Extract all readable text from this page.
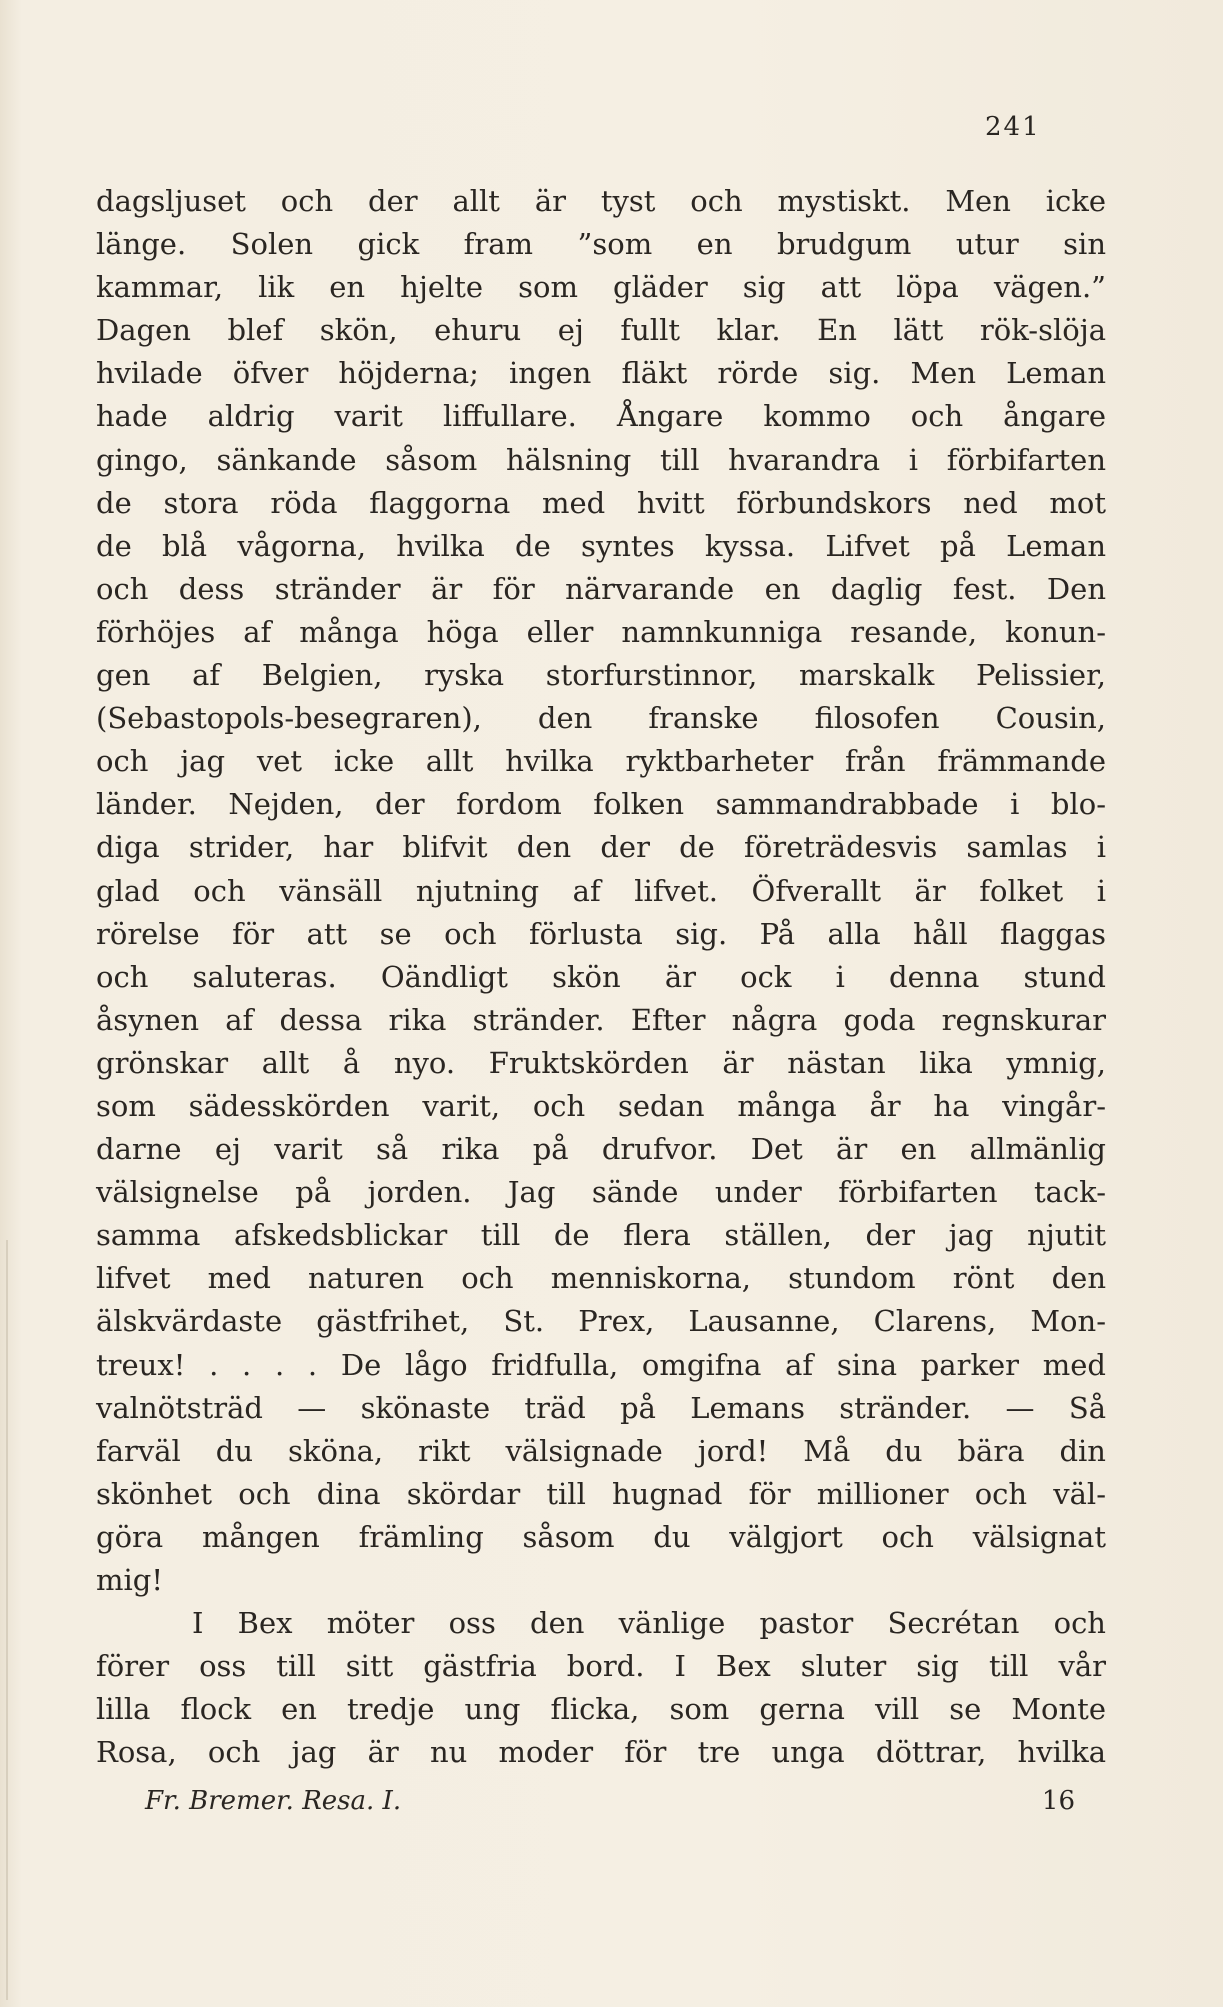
241
dagsljuset och der allt är tyst och mystiskt. Men icke
länge. Solen gick fram ”som en brudgum utur sin
kammar, lik en hjelte som gläder sig att löpa vägen.”
Dagen blef skön, ehuru ej fullt klar. En lätt rök-slöja
hvilade öfver höjderna; ingen fläkt rörde sig. Men Leman
hade aldrig varit liffullare. Ångare kommo och ångare
gingo, sänkande såsom hälsning till hvarandra i förbifarten
de stora röda flaggorna med hvitt förbundskors ned mot
de blå vågorna, hvilka de syntes kyssa. Lifvet på Leman
och dess stränder är för närvarande en daglig fest. Den
förhöjes af många höga eller namnkunniga resande, konun-
gen af Belgien, ryska storfurstinnor, marskalk Pelissier,
(Sebastopols-besegraren), den franske filosofen Cousin,
och jag vet icke allt hvilka ryktbarheter från främmande
länder. Nejden, der fordom folken sammandrabbade i blo-
diga strider, har blifvit den der de företrädesvis samlas i
glad och vänsäll njutning af lifvet. Öfverallt är folket i
rörelse för att se och förlusta sig. På alla håll flaggas
och saluteras. Oändligt skön är ock i denna stund
åsynen af dessa rika stränder. Efter några goda regnskurar
grönskar allt å nyo. Fruktskörden är nästan lika ymnig,
som sädesskörden varit, och sedan många år ha vingår-
darne ej varit så rika på drufvor. Det är en allmänlig
välsignelse på jorden. Jag sände under förbifarten tack-
samma afskedsblickar till de flera ställen, der jag njutit
lifvet med naturen och menniskorna, stundom rönt den
älskvärdaste gästfrihet, St. Prex, Lausanne, Clarens, Mon-
treux! . . . . De lågo fridfulla, omgifna af sina parker med
valnötsträd — skönaste träd på Lemans stränder. — Så
farväl du sköna, rikt välsignade jord! Må du bära din
skönhet och dina skördar till hugnad för millioner och väl-
göra mången främling såsom du välgjort och välsignat
mig!
I Bex möter oss den vänlige pastor Secrétan och
förer oss till sitt gästfria bord. I Bex sluter sig till vår
lilla flock en tredje ung flicka, som gerna vill se Monte
Rosa, och jag är nu moder för tre unga döttrar, hvilka
Fr. Bremer. Resa. I.	16
